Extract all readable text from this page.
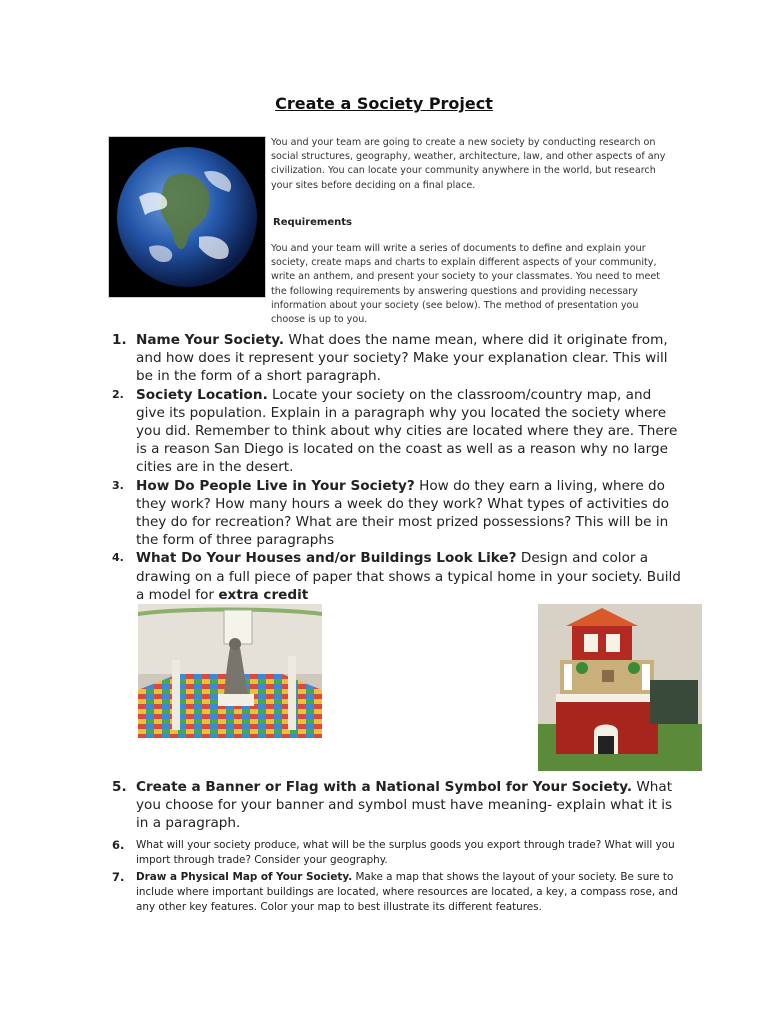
Create a Society Project

You and your team are going to create a new society by conducting research on social structures, geography, weather, architecture, law, and other aspects of any civilization. You can locate your community anywhere in the world, but research your sites before deciding on a final place.

Requirements
You and your team will write a series of documents to define and explain your society, create maps and charts to explain different aspects of your community, write an anthem, and present your society to your classmates. You need to meet the following requirements by answering questions and providing necessary information about your society (see below). The method of presentation you choose is up to you.
1. Name Your Society. What does the name mean, where did it originate from, and how does it represent your society? Make your explanation clear. This will be in the form of a short paragraph.
2. Society Location. Locate your society on the classroom/country map, and give its population. Explain in a paragraph why you located the society where you did. Remember to think about why cities are located where they are. There is a reason San Diego is located on the coast as well as a reason why no large cities are in the desert.
3. How Do People Live in Your Society? How do they earn a living, where do they work? How many hours a week do they work? What types of activities do they do for recreation? What are their most prized possessions? This will be in the form of three paragraphs
4. What Do Your Houses and/or Buildings Look Like? Design and color a drawing on a full piece of paper that shows a typical home in your society. Build a model for extra credit
5. Create a Banner or Flag with a National Symbol for Your Society. What you choose for your banner and symbol must have meaning- explain what it is in a paragraph.
6. What will your society produce, what will be the surplus goods you export through trade? What will you import through trade? Consider your geography.
7. Draw a Physical Map of Your Society. Make a map that shows the layout of your society. Be sure to include where important buildings are located, where resources are located, a key, a compass rose, and any other key features. Color your map to best illustrate its different features.
